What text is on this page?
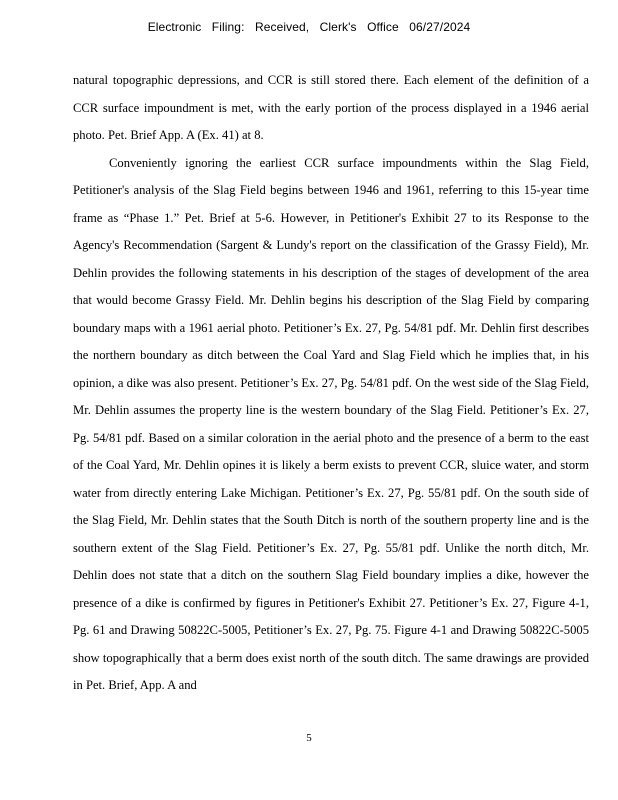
Electronic Filing: Received, Clerk's Office 06/27/2024

natural topographic depressions, and CCR is still stored there. Each element of the definition of a CCR surface impoundment is met, with the early portion of the process displayed in a 1946 aerial photo. Pet. Brief App. A (Ex. 41) at 8.

Conveniently ignoring the earliest CCR surface impoundments within the Slag Field, Petitioner's analysis of the Slag Field begins between 1946 and 1961, referring to this 15-year time frame as “Phase 1.” Pet. Brief at 5-6. However, in Petitioner's Exhibit 27 to its Response to the Agency's Recommendation (Sargent & Lundy's report on the classification of the Grassy Field), Mr. Dehlin provides the following statements in his description of the stages of development of the area that would become Grassy Field. Mr. Dehlin begins his description of the Slag Field by comparing boundary maps with a 1961 aerial photo. Petitioner’s Ex. 27, Pg. 54/81 pdf. Mr. Dehlin first describes the northern boundary as ditch between the Coal Yard and Slag Field which he implies that, in his opinion, a dike was also present. Petitioner’s Ex. 27, Pg. 54/81 pdf. On the west side of the Slag Field, Mr. Dehlin assumes the property line is the western boundary of the Slag Field. Petitioner’s Ex. 27, Pg. 54/81 pdf. Based on a similar coloration in the aerial photo and the presence of a berm to the east of the Coal Yard, Mr. Dehlin opines it is likely a berm exists to prevent CCR, sluice water, and storm water from directly entering Lake Michigan. Petitioner’s Ex. 27, Pg. 55/81 pdf. On the south side of the Slag Field, Mr. Dehlin states that the South Ditch is north of the southern property line and is the southern extent of the Slag Field. Petitioner’s Ex. 27, Pg. 55/81 pdf. Unlike the north ditch, Mr. Dehlin does not state that a ditch on the southern Slag Field boundary implies a dike, however the presence of a dike is confirmed by figures in Petitioner's Exhibit 27. Petitioner’s Ex. 27, Figure 4-1, Pg. 61 and Drawing 50822C-5005, Petitioner’s Ex. 27, Pg. 75. Figure 4-1 and Drawing 50822C-5005 show topographically that a berm does exist north of the south ditch. The same drawings are provided in Pet. Brief, App. A and

5
